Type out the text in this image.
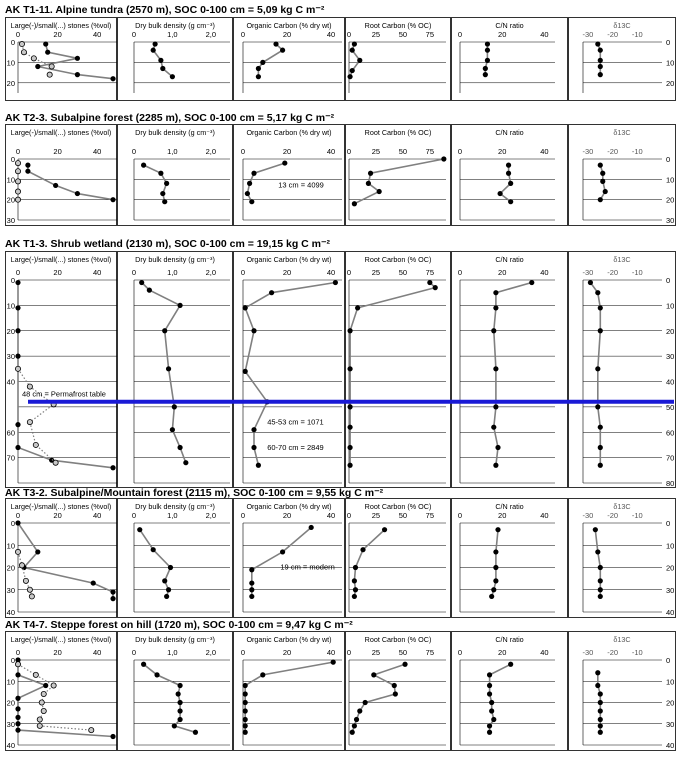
AK T1-11. Alpine tundra (2570 m), SOC 0-100 cm = 5,09 kg C m⁻²
Large(-)/small(...) stones (%vol)
0	20	40
Dry bulk density (g cm⁻³)
0	1,0	2,0
Organic Carbon (% dry wt)
0	20	40
Root Carbon (% OC)
0	25 50 75
C/N ratio
0	20	40
δ13C
-30 -20 -10
0
10
20
0
10
20
AK T2-3. Subalpine forest (2285 m), SOC 0-100 cm = 5,17 kg C m⁻²
Large(-)/small(...) stones (%vol)
0	20	40
Dry bulk density (g cm⁻³)
0	1,0	2,0
Organic Carbon (% dry wt)
0	20	40
Root Carbon (% OC)
0	25 50 75
C/N ratio
0	20	40
δ13C
-30 -20 -10
0
10
20
30
0
10
20
30
13 cm = 4099
AK T1-3. Shrub wetland (2130 m), SOC 0-100 cm = 19,15 kg C m⁻²
Large(-)/small(...) stones (%vol)
0	20	40
Dry bulk density (g cm⁻³)
0	1,0	2,0
Organic Carbon (% dry wt)
0	20	40
Root Carbon (% OC)
0	25 50 75
C/N ratio
0	20	40
δ13C
-30 -20 -10
0
10
20
30
40
60
70
0
10
20
30
40
50
60
70
80
48 cm = Permafrost table
45-53 cm = 1071
60-70 cm = 2849
AK T3-2. Subalpine/Mountain forest (2115 m), SOC 0-100 cm = 9,55 kg C m⁻²
Large(-)/small(...) stones (%vol)
0	20	40
Dry bulk density (g cm⁻³)
0	1,0	2,0
Organic Carbon (% dry wt)
0	20	40
Root Carbon (% OC)
0	25 50 75
C/N ratio
0	20	40
δ13C
-30 -20 -10
0
10
20
30
40
0
10
20
30
40
19 cm = modern
AK T4-7. Steppe forest on hill (1720 m), SOC 0-100 cm = 9,47 kg C m⁻²
Large(-)/small(...) stones (%vol)
0	20	40
Dry bulk density (g cm⁻³)
0	1,0	2,0
Organic Carbon (% dry wt)
0	20	40
Root Carbon (% OC)
0	25 50 75
C/N ratio
0	20	40
δ13C
-30 -20 -10
0
10
20
30
40
0
10
20
30
40
